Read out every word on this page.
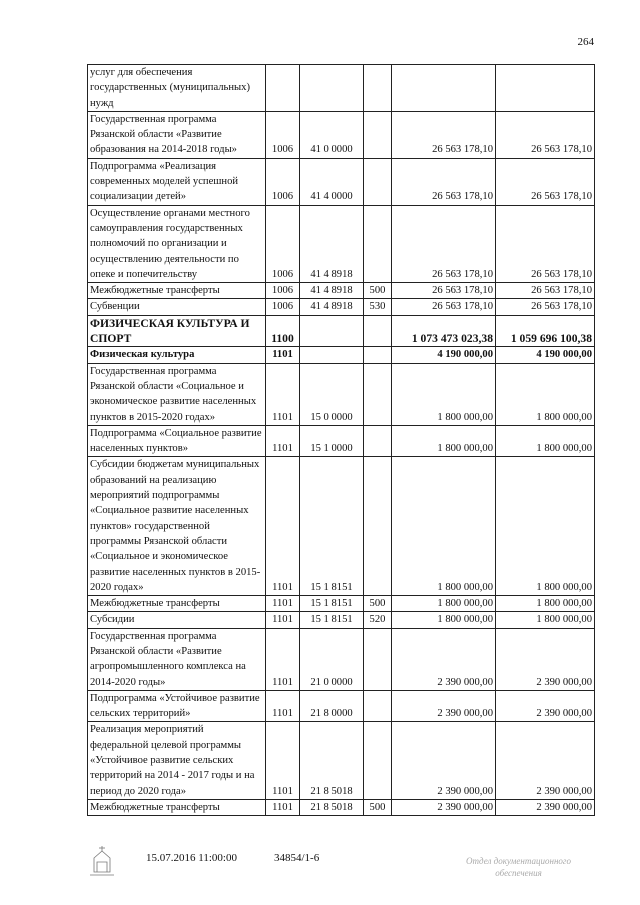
264
услуг для обеспечения государственных (муниципальных) нужд					
Государственная программа Рязанской области «Развитие образования на 2014-2018 годы»	1006	41 0 0000		26 563 178,10	26 563 178,10
Подпрограмма «Реализация современных моделей успешной социализации детей»	1006	41 4 0000		26 563 178,10	26 563 178,10
Осуществление органами местного самоуправления государственных полномочий по организации и осуществлению деятельности по опеке и попечительству	1006	41 4 8918		26 563 178,10	26 563 178,10
Межбюджетные трансферты	1006	41 4 8918	500	26 563 178,10	26 563 178,10
Субвенции	1006	41 4 8918	530	26 563 178,10	26 563 178,10
ФИЗИЧЕСКАЯ КУЛЬТУРА И СПОРТ	1100			1 073 473 023,38	1 059 696 100,38
Физическая культура	1101			4 190 000,00	4 190 000,00
Государственная программа Рязанской области «Социальное и экономическое развитие населенных пунктов в 2015-2020 годах»	1101	15 0 0000		1 800 000,00	1 800 000,00
Подпрограмма «Социальное развитие населенных пунктов»	1101	15 1 0000		1 800 000,00	1 800 000,00
Субсидии бюджетам муниципальных образований на реализацию мероприятий подпрограммы «Социальное развитие населенных пунктов» государственной программы Рязанской области «Социальное и экономическое развитие населенных пунктов в 2015-2020 годах»	1101	15 1 8151		1 800 000,00	1 800 000,00
Межбюджетные трансферты	1101	15 1 8151	500	1 800 000,00	1 800 000,00
Субсидии	1101	15 1 8151	520	1 800 000,00	1 800 000,00
Государственная программа Рязанской области «Развитие агропромышленного комплекса на 2014-2020 годы»	1101	21 0 0000		2 390 000,00	2 390 000,00
Подпрограмма «Устойчивое развитие сельских территорий»	1101	21 8 0000		2 390 000,00	2 390 000,00
Реализация мероприятий федеральной целевой программы «Устойчивое развитие сельских территорий на 2014 - 2017 годы и на период до 2020 года»	1101	21 8 5018		2 390 000,00	2 390 000,00
Межбюджетные трансферты	1101	21 8 5018	500	2 390 000,00	2 390 000,00
15.07.2016 11:00:00	34854/1-6	Отдел документационного обеспечения
